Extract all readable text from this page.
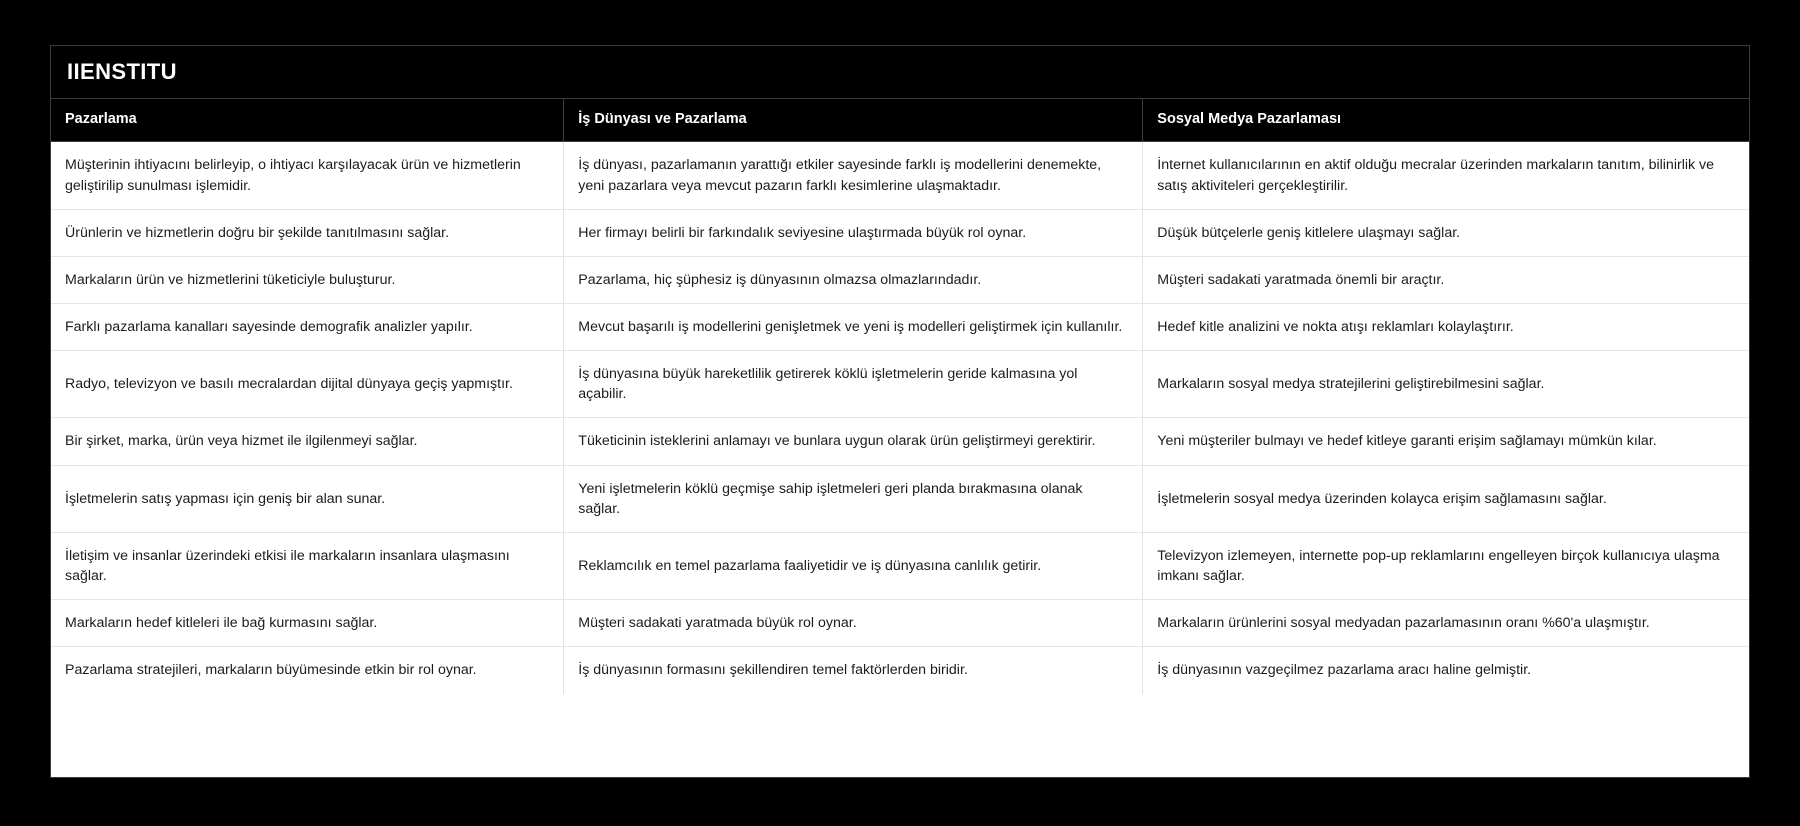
IIENSTITU
Pazarlama	İş Dünyası ve Pazarlama	Sosyal Medya Pazarlaması
Müşterinin ihtiyacını belirleyip, o ihtiyacı karşılayacak ürün ve hizmetlerin geliştirilip sunulması işlemidir.	İş dünyası, pazarlamanın yarattığı etkiler sayesinde farklı iş modellerini denemekte, yeni pazarlara veya mevcut pazarın farklı kesimlerine ulaşmaktadır.	İnternet kullanıcılarının en aktif olduğu mecralar üzerinden markaların tanıtım, bilinirlik ve satış aktiviteleri gerçekleştirilir.
Ürünlerin ve hizmetlerin doğru bir şekilde tanıtılmasını sağlar.	Her firmayı belirli bir farkındalık seviyesine ulaştırmada büyük rol oynar.	Düşük bütçelerle geniş kitlelere ulaşmayı sağlar.
Markaların ürün ve hizmetlerini tüketiciyle buluşturur.	Pazarlama, hiç şüphesiz iş dünyasının olmazsa olmazlarındadır.	Müşteri sadakati yaratmada önemli bir araçtır.
Farklı pazarlama kanalları sayesinde demografik analizler yapılır.	Mevcut başarılı iş modellerini genişletmek ve yeni iş modelleri geliştirmek için kullanılır.	Hedef kitle analizini ve nokta atışı reklamları kolaylaştırır.
Radyo, televizyon ve basılı mecralardan dijital dünyaya geçiş yapmıştır.	İş dünyasına büyük hareketlilik getirerek köklü işletmelerin geride kalmasına yol açabilir.	Markaların sosyal medya stratejilerini geliştirebilmesini sağlar.
Bir şirket, marka, ürün veya hizmet ile ilgilenmeyi sağlar.	Tüketicinin isteklerini anlamayı ve bunlara uygun olarak ürün geliştirmeyi gerektirir.	Yeni müşteriler bulmayı ve hedef kitleye garanti erişim sağlamayı mümkün kılar.
İşletmelerin satış yapması için geniş bir alan sunar.	Yeni işletmelerin köklü geçmişe sahip işletmeleri geri planda bırakmasına olanak sağlar.	İşletmelerin sosyal medya üzerinden kolayca erişim sağlamasını sağlar.
İletişim ve insanlar üzerindeki etkisi ile markaların insanlara ulaşmasını sağlar.	Reklamcılık en temel pazarlama faaliyetidir ve iş dünyasına canlılık getirir.	Televizyon izlemeyen, internette pop-up reklamlarını engelleyen birçok kullanıcıya ulaşma imkanı sağlar.
Markaların hedef kitleleri ile bağ kurmasını sağlar.	Müşteri sadakati yaratmada büyük rol oynar.	Markaların ürünlerini sosyal medyadan pazarlamasının oranı %60'a ulaşmıştır.
Pazarlama stratejileri, markaların büyümesinde etkin bir rol oynar.	İş dünyasının formasını şekillendiren temel faktörlerden biridir.	İş dünyasının vazgeçilmez pazarlama aracı haline gelmiştir.
